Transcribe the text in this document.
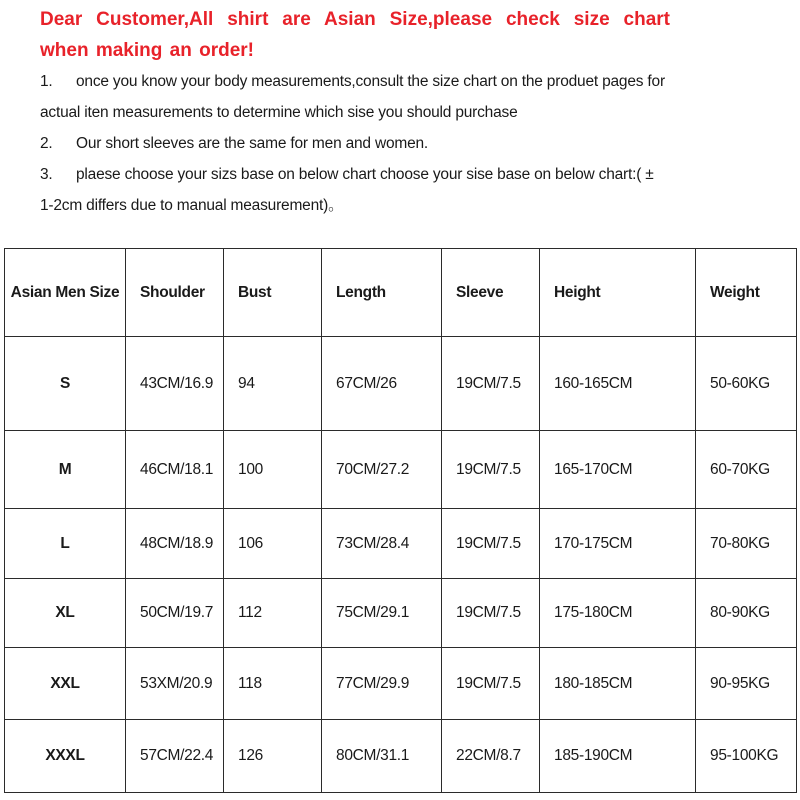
Dear Customer,All shirt are Asian Size,please check size chart when making an order!

1. once you know your body measurements,consult the size chart on the produet pages for
actual iten measurements to determine which sise you should purchase
2. Our short sleeves are the same for men and women.
3. plaese choose your sizs base on below chart choose your sise base on below chart:( ±
1-2cm differs due to manual measurement)。
Asian Men Size	Shoulder	Bust	Length	Sleeve	Height	Weight
S	43CM/16.9	94	67CM/26	19CM/7.5	160-165CM	50-60KG
M	46CM/18.1	100	70CM/27.2	19CM/7.5	165-170CM	60-70KG
L	48CM/18.9	106	73CM/28.4	19CM/7.5	170-175CM	70-80KG
XL	50CM/19.7	112	75CM/29.1	19CM/7.5	175-180CM	80-90KG
XXL	53XM/20.9	118	77CM/29.9	19CM/7.5	180-185CM	90-95KG
XXXL	57CM/22.4	126	80CM/31.1	22CM/8.7	185-190CM	95-100KG
